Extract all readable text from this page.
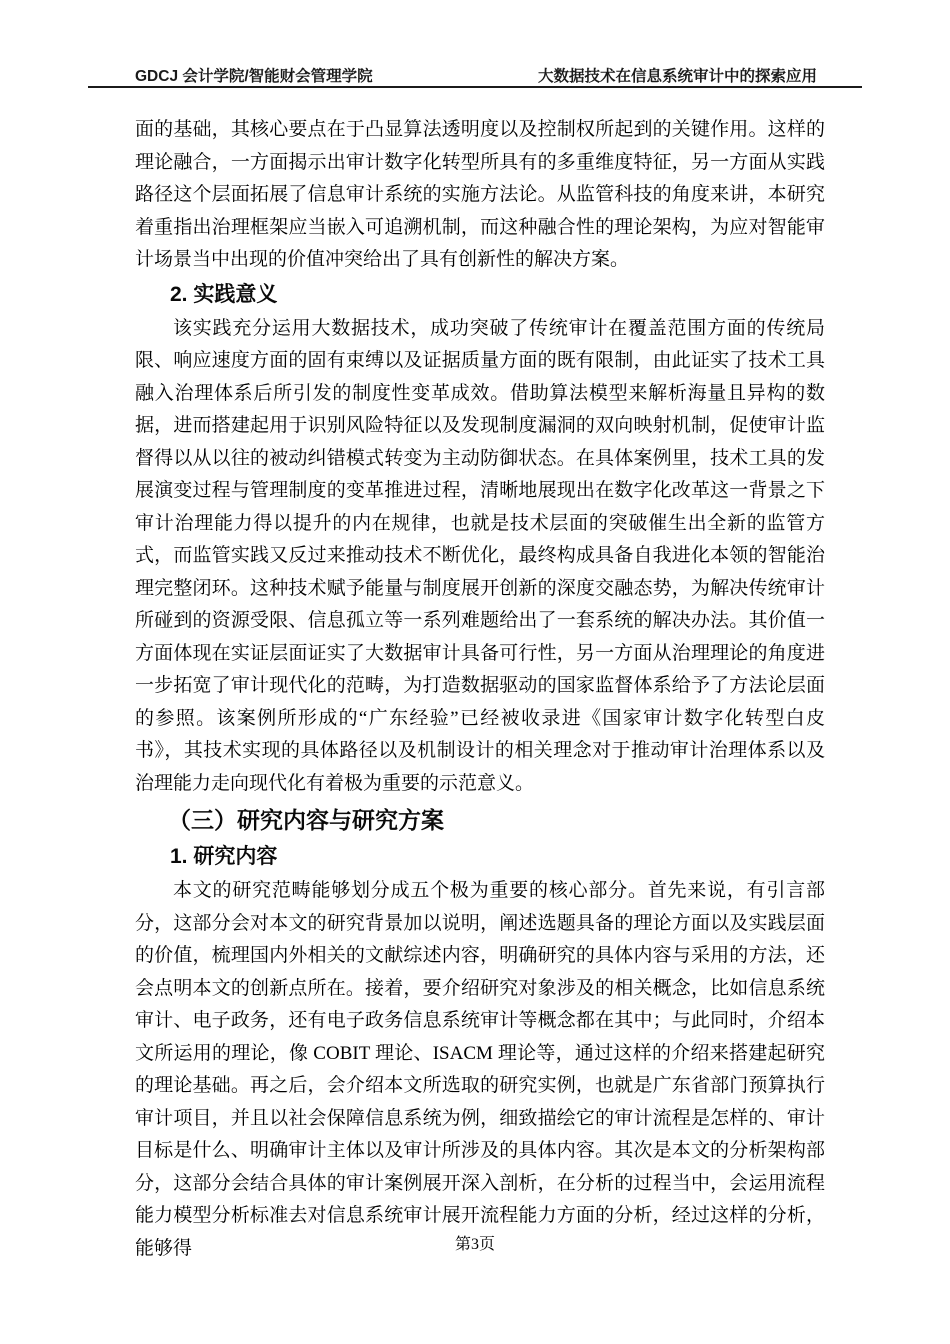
GDCJ 会计学院/智能财会管理学院	大数据技术在信息系统审计中的探索应用

面的基础，其核心要点在于凸显算法透明度以及控制权所起到的关键作用。这样的理论融合，一方面揭示出审计数字化转型所具有的多重维度特征，另一方面从实践路径这个层面拓展了信息审计系统的实施方法论。从监管科技的角度来讲，本研究着重指出治理框架应当嵌入可追溯机制，而这种融合性的理论架构，为应对智能审计场景当中出现的价值冲突给出了具有创新性的解决方案。

2. 实践意义

该实践充分运用大数据技术，成功突破了传统审计在覆盖范围方面的传统局限、响应速度方面的固有束缚以及证据质量方面的既有限制，由此证实了技术工具融入治理体系后所引发的制度性变革成效。借助算法模型来解析海量且异构的数据，进而搭建起用于识别风险特征以及发现制度漏洞的双向映射机制，促使审计监督得以从以往的被动纠错模式转变为主动防御状态。在具体案例里，技术工具的发展演变过程与管理制度的变革推进过程，清晰地展现出在数字化改革这一背景之下审计治理能力得以提升的内在规律，也就是技术层面的突破催生出全新的监管方式，而监管实践又反过来推动技术不断优化，最终构成具备自我进化本领的智能治理完整闭环。这种技术赋予能量与制度展开创新的深度交融态势，为解决传统审计所碰到的资源受限、信息孤立等一系列难题给出了一套系统的解决办法。其价值一方面体现在实证层面证实了大数据审计具备可行性，另一方面从治理理论的角度进一步拓宽了审计现代化的范畴，为打造数据驱动的国家监督体系给予了方法论层面的参照。该案例所形成的“广东经验”已经被收录进《国家审计数字化转型白皮书》，其技术实现的具体路径以及机制设计的相关理念对于推动审计治理体系以及治理能力走向现代化有着极为重要的示范意义。

（三）研究内容与研究方案
1. 研究内容

本文的研究范畴能够划分成五个极为重要的核心部分。首先来说，有引言部分，这部分会对本文的研究背景加以说明，阐述选题具备的理论方面以及实践层面的价值，梳理国内外相关的文献综述内容，明确研究的具体内容与采用的方法，还会点明本文的创新点所在。接着，要介绍研究对象涉及的相关概念，比如信息系统审计、电子政务，还有电子政务信息系统审计等概念都在其中；与此同时，介绍本文所运用的理论，像 COBIT 理论、ISACM 理论等，通过这样的介绍来搭建起研究的理论基础。再之后，会介绍本文所选取的研究实例，也就是广东省部门预算执行审计项目，并且以社会保障信息系统为例，细致描绘它的审计流程是怎样的、审计目标是什么、明确审计主体以及审计所涉及的具体内容。其次是本文的分析架构部分，这部分会结合具体的审计案例展开深入剖析，在分析的过程当中，会运用流程能力模型分析标准去对信息系统审计展开流程能力方面的分析，经过这样的分析，能够得	第3页
